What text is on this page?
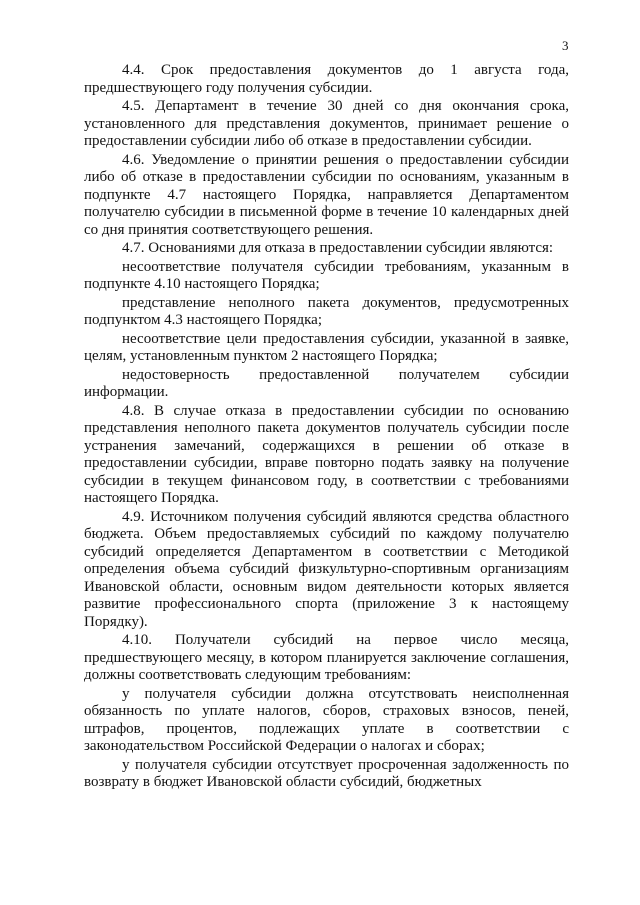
3

4.4. Срок предоставления документов до 1 августа года, предшествующего году получения субсидии.

4.5. Департамент в течение 30 дней со дня окончания срока, установленного для представления документов, принимает решение о предоставлении субсидии либо об отказе в предоставлении субсидии.

4.6. Уведомление о принятии решения о предоставлении субсидии либо об отказе в предоставлении субсидии по основаниям, указанным в подпункте 4.7 настоящего Порядка, направляется Департаментом получателю субсидии в письменной форме в течение 10 календарных дней со дня принятия соответствующего решения.

4.7. Основаниями для отказа в предоставлении субсидии являются:

несоответствие получателя субсидии требованиям, указанным в подпункте 4.10 настоящего Порядка;

представление неполного пакета документов, предусмотренных подпунктом 4.3 настоящего Порядка;

несоответствие цели предоставления субсидии, указанной в заявке, целям, установленным пунктом 2 настоящего Порядка;

недостоверность предоставленной получателем субсидии информации.

4.8. В случае отказа в предоставлении субсидии по основанию представления неполного пакета документов получатель субсидии после устранения замечаний, содержащихся в решении об отказе в предоставлении субсидии, вправе повторно подать заявку на получение субсидии в текущем финансовом году, в соответствии с требованиями настоящего Порядка.

4.9. Источником получения субсидий являются средства областного бюджета. Объем предоставляемых субсидий по каждому получателю субсидий определяется Департаментом в соответствии с Методикой определения объема субсидий физкультурно-спортивным организациям Ивановской области, основным видом деятельности которых является развитие профессионального спорта (приложение 3 к настоящему Порядку).

4.10. Получатели субсидий на первое число месяца, предшествующего месяцу, в котором планируется заключение соглашения, должны соответствовать следующим требованиям:

у получателя субсидии должна отсутствовать неисполненная обязанность по уплате налогов, сборов, страховых взносов, пеней, штрафов, процентов, подлежащих уплате в соответствии с законодательством Российской Федерации о налогах и сборах;

у получателя субсидии отсутствует просроченная задолженность по возврату в бюджет Ивановской области субсидий, бюджетных
